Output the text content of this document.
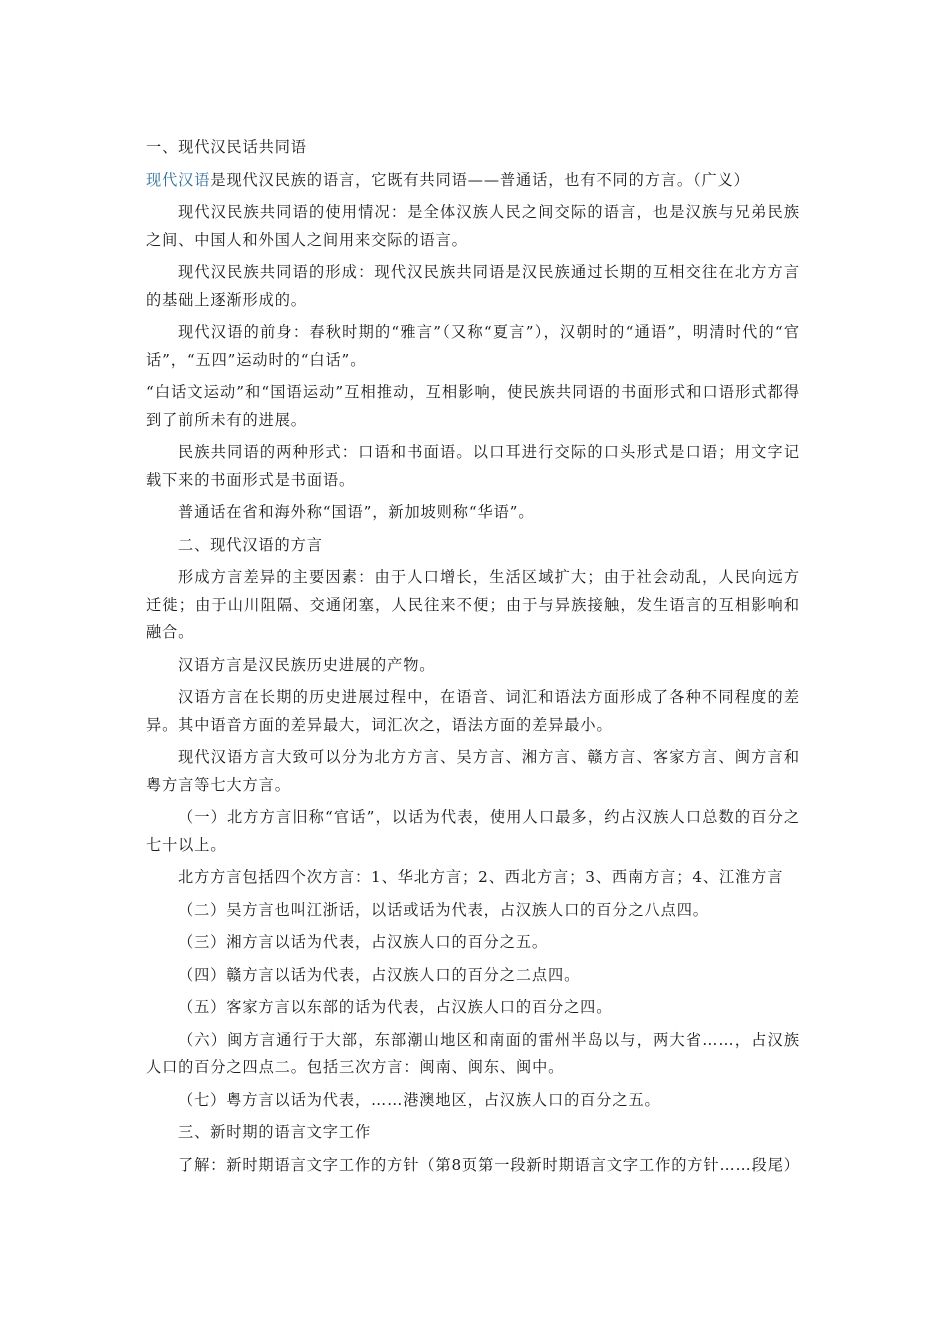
一、现代汉民话共同语

现代汉语是现代汉民族的语言，它既有共同语——普通话，也有不同的方言。（广义）

现代汉民族共同语的使用情况：是全体汉族人民之间交际的语言，也是汉族与兄弟民族之间、中国人和外国人之间用来交际的语言。

现代汉民族共同语的形成：现代汉民族共同语是汉民族通过长期的互相交往在北方方言的基础上逐渐形成的。

现代汉语的前身：春秋时期的“雅言”（又称“夏言”），汉朝时的“通语”，明清时代的“官话”，“五四”运动时的“白话”。

“白话文运动”和“国语运动”互相推动，互相影响，使民族共同语的书面形式和口语形式都得到了前所未有的进展。

民族共同语的两种形式：口语和书面语。以口耳进行交际的口头形式是口语；用文字记载下来的书面形式是书面语。

普通话在省和海外称“国语”，新加坡则称“华语”。

二、现代汉语的方言

形成方言差异的主要因素：由于人口增长，生活区域扩大；由于社会动乱，人民向远方迁徙；由于山川阻隔、交通闭塞，人民往来不便；由于与异族接触，发生语言的互相影响和融合。

汉语方言是汉民族历史进展的产物。

汉语方言在长期的历史进展过程中，在语音、词汇和语法方面形成了各种不同程度的差异。其中语音方面的差异最大，词汇次之，语法方面的差异最小。

现代汉语方言大致可以分为北方方言、吴方言、湘方言、赣方言、客家方言、闽方言和粤方言等七大方言。

（一）北方方言旧称“官话”，以话为代表，使用人口最多，约占汉族人口总数的百分之七十以上。

北方方言包括四个次方言：1、华北方言；2、西北方言；3、西南方言；4、江淮方言

（二）吴方言也叫江浙话，以话或话为代表，占汉族人口的百分之八点四。

（三）湘方言以话为代表，占汉族人口的百分之五。

（四）赣方言以话为代表，占汉族人口的百分之二点四。

（五）客家方言以东部的话为代表，占汉族人口的百分之四。

（六）闽方言通行于大部，东部潮山地区和南面的雷州半岛以与，两大省……，占汉族人口的百分之四点二。包括三次方言：闽南、闽东、闽中。

（七）粤方言以话为代表，……港澳地区，占汉族人口的百分之五。

三、新时期的语言文字工作

了解：新时期语言文字工作的方针（第8页第一段新时期语言文字工作的方针……段尾）
